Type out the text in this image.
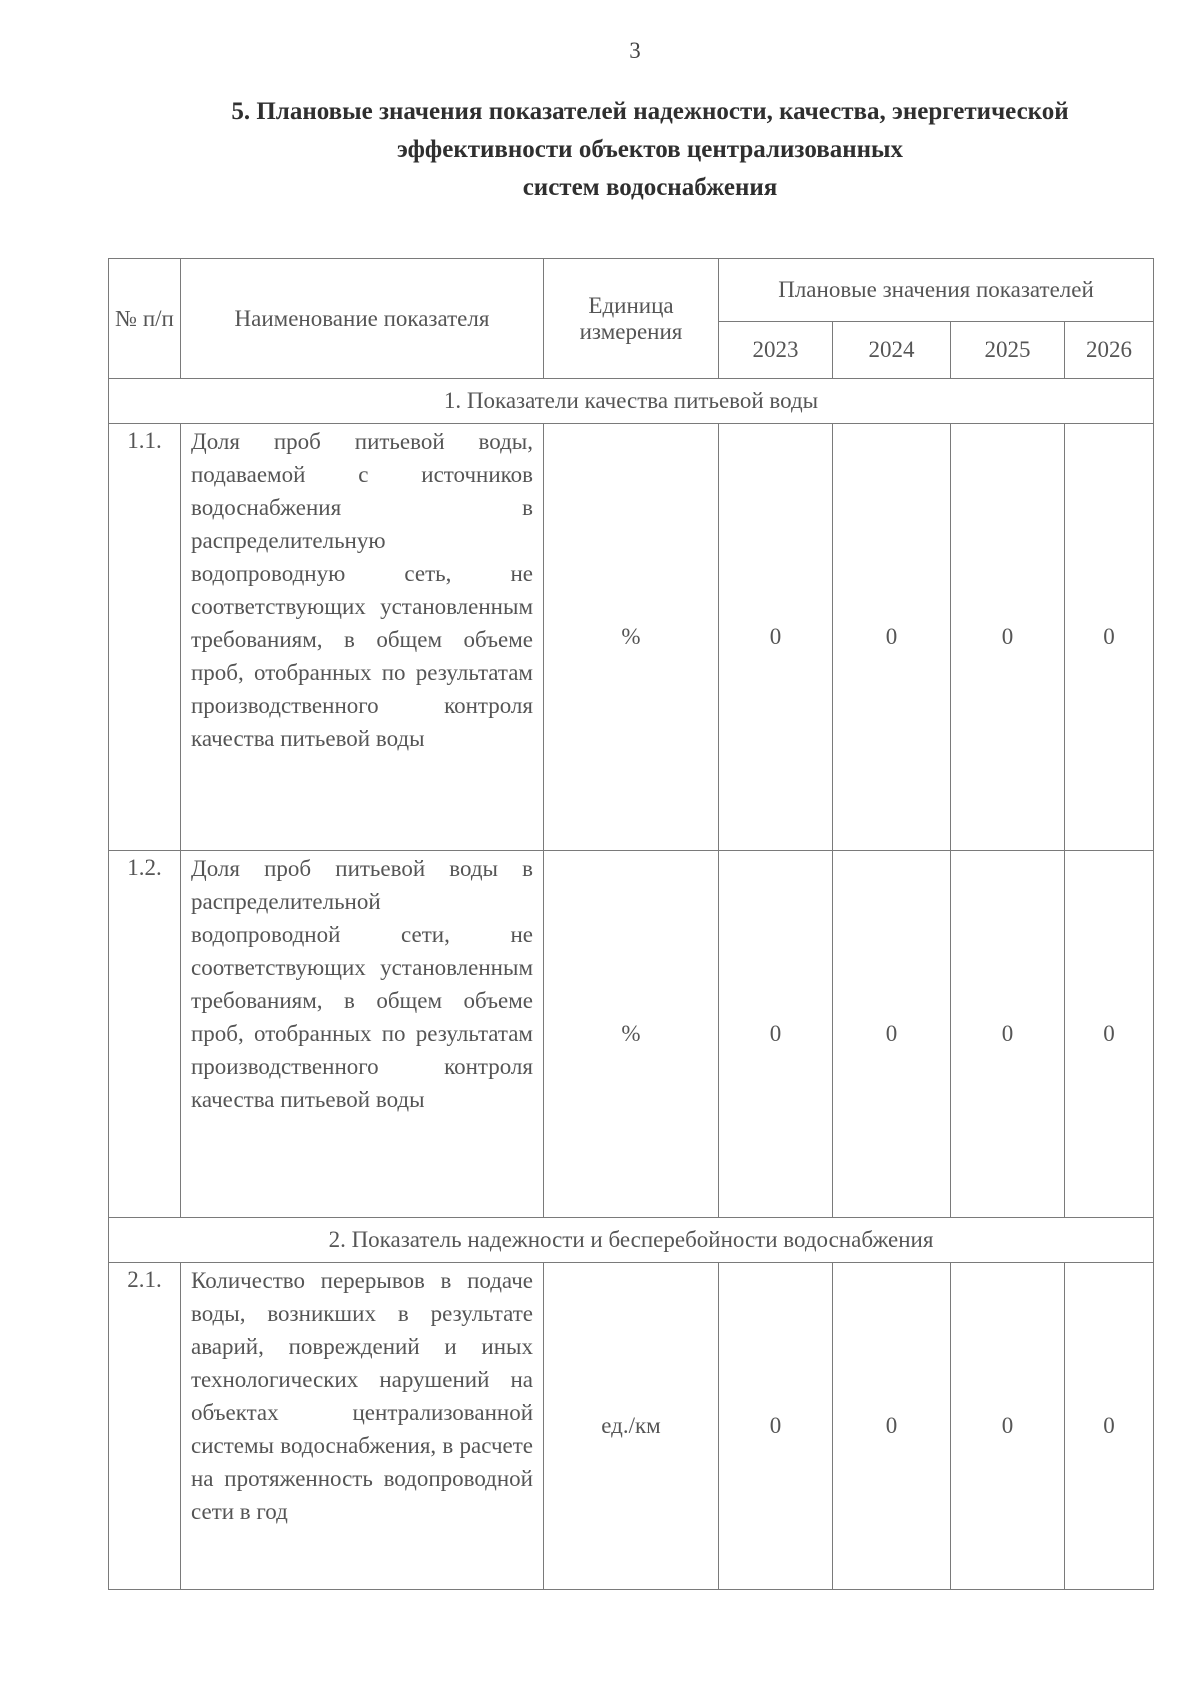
3
5. Плановые значения показателей надежности, качества, энергетической
эффективности объектов централизованных
систем водоснабжения
№ п/п	Наименование показателя	Единица измерения	Плановые значения показателей			
			2023	2024	2025	2026
1. Показатели качества питьевой воды						
1.1.	Доля проб питьевой воды, подаваемой с источников водоснабжения в распределительную водопроводную сеть, не соответствующих установленным требованиям, в общем объеме проб, отобранных по результатам производственного контроля качества питьевой воды	%	0	0	0	0
1.2.	Доля проб питьевой воды в распределительной водопроводной сети, не соответствующих установленным требованиям, в общем объеме проб, отобранных по результатам производственного контроля качества питьевой воды	%	0	0	0	0
2. Показатель надежности и бесперебойности водоснабжения						
2.1.	Количество перерывов в подаче воды, возникших в результате аварий, повреждений и иных технологических нарушений на объектах централизованной системы водоснабжения, в расчете на протяженность водопроводной сети в год	ед./км	0	0	0	0
